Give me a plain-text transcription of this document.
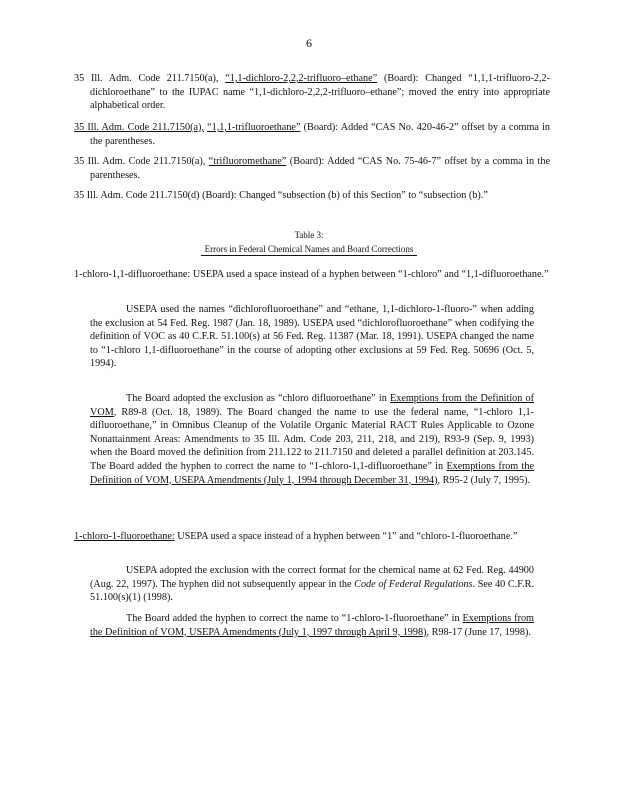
6
35 Ill. Adm. Code 211.7150(a), “1,1-dichloro-2,2,2-trifluoro–ethane” (Board): Changed “1,1,1-trifluoro-2,2-dichloroethane” to the IUPAC name “1,1-dichloro-2,2,2-trifluoro–ethane”; moved the entry into appropriate alphabetical order.
35 Ill. Adm. Code 211.7150(a), “1,1,1-trifluoroethane” (Board): Added “CAS No. 420-46-2” offset by a comma in the parentheses.
35 Ill. Adm. Code 211.7150(a), “trifluoromethane” (Board): Added “CAS No. 75-46-7” offset by a comma in the parentheses.
35 Ill. Adm. Code 211.7150(d) (Board): Changed “subsection (b) of this Section” to “subsection (b).”
Table 3:
Errors in Federal Chemical Names and Board Corrections
1-chloro-1,1-difluoroethane: USEPA used a space instead of a hyphen between “1-chloro” and “1,1-difluoroethane.”
USEPA used the names “dichlorofluoroethane” and “ethane, 1,1-dichloro-1-fluoro-” when adding the exclusion at 54 Fed. Reg. 1987 (Jan. 18, 1989). USEPA used “dichlorofluoroethane” when codifying the definition of VOC as 40 C.F.R. 51.100(s) at 56 Fed. Reg. 11387 (Mar. 18, 1991). USEPA changed the name to “1-chloro 1,1-difluoroethane” in the course of adopting other exclusions at 59 Fed. Reg. 50696 (Oct. 5, 1994).
The Board adopted the exclusion as “chloro difluoroethane” in Exemptions from the Definition of VOM, R89-8 (Oct. 18, 1989). The Board changed the name to use the federal name, “1-chloro 1,1-difluoroethane,” in Omnibus Cleanup of the Volatile Organic Material RACT Rules Applicable to Ozone Nonattainment Areas: Amendments to 35 Ill. Adm. Code 203, 211, 218, and 219), R93-9 (Sep. 9, 1993) when the Board moved the definition from 211.122 to 211.7150 and deleted a parallel definition at 203.145. The Board added the hyphen to correct the name to “1-chloro-1,1-difluoroethane” in Exemptions from the Definition of VOM, USEPA Amendments (July 1, 1994 through December 31, 1994), R95-2 (July 7, 1995).
1-chloro-1-fluoroethane: USEPA used a space instead of a hyphen between “1” and “chloro-1-fluoroethane.”
USEPA adopted the exclusion with the correct format for the chemical name at 62 Fed. Reg. 44900 (Aug. 22, 1997). The hyphen did not subsequently appear in the Code of Federal Regulations. See 40 C.F.R. 51.100(s)(1) (1998).
The Board added the hyphen to correct the name to “1-chloro-1-fluoroethane” in Exemptions from the Definition of VOM, USEPA Amendments (July 1, 1997 through April 9, 1998), R98-17 (June 17, 1998).
